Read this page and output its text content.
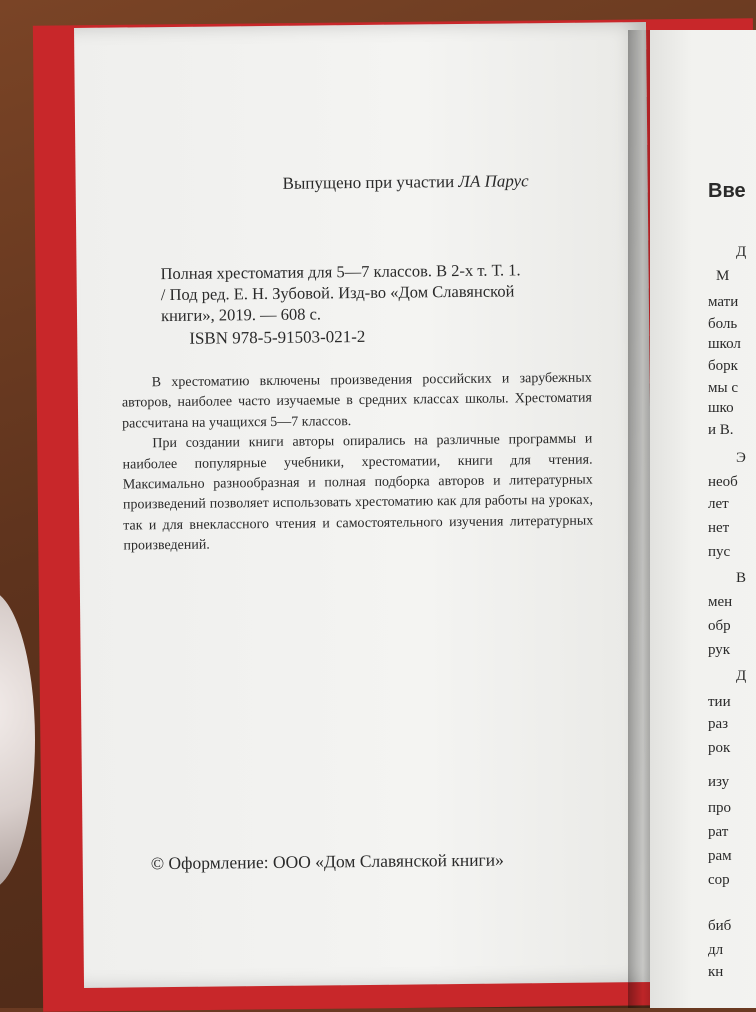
Выпущено при участии ЛА Парус
Полная хрестоматия для 5—7 классов. В 2-х т. Т. 1.
/ Под ред. Е. Н. Зубовой. Изд-во «Дом Славянской
книги», 2019. — 608 с.
ISBN 978-5-91503-021-2

В хрестоматию включены произведения российских и зарубежных авторов, наиболее часто изучаемые в средних классах школы. Хрестоматия рассчитана на учащихся 5—7 классов.

При создании книги авторы опирались на различные программы и наиболее популярные учебники, хрестоматии, книги для чтения. Максимально разнообразная и полная подборка авторов и литературных произведений позволяет использовать хрестоматию как для работы на уроках, так и для внеклассного чтения и самостоятельного изучения литературных произведений.

© Оформление: ООО «Дом Славянской книги»
Вве
Д
М
мати
боль
школ
борк
мы с
шко
и В.
Э
необ
лет
нет
пус
В
мен
обр
рук
Д
тии
раз
рок
изу
про
рат
рам
сор
биб
дл
кн
